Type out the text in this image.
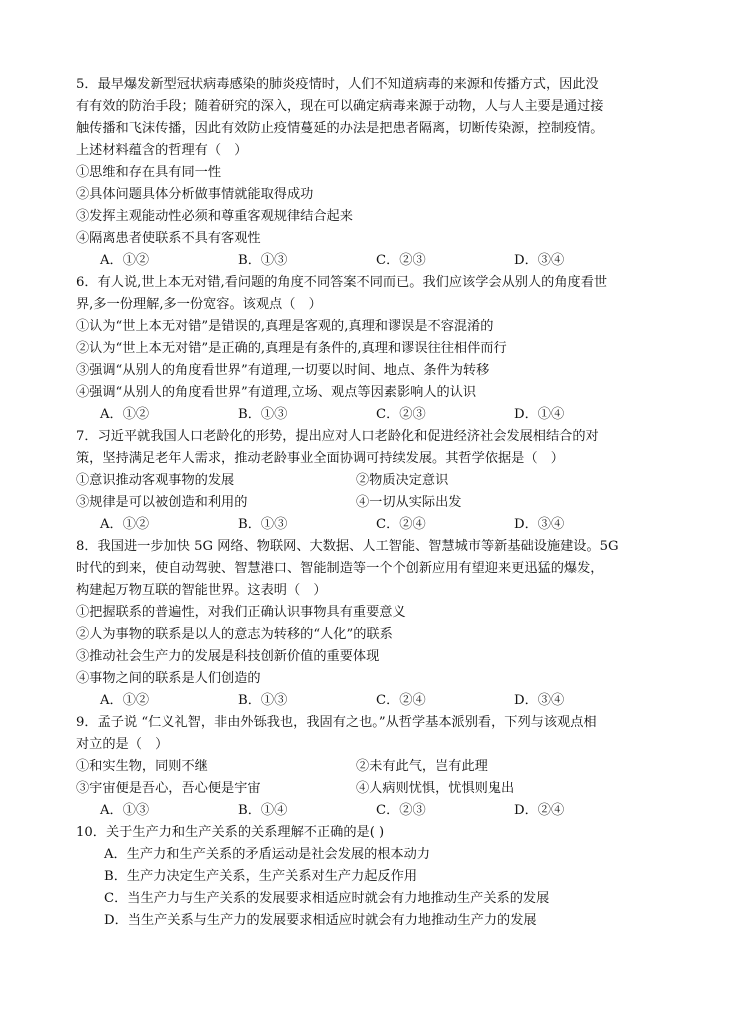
5．最早爆发新型冠状病毒感染的肺炎疫情时，人们不知道病毒的来源和传播方式，因此没
有有效的防治手段；随着研究的深入，现在可以确定病毒来源于动物，人与人主要是通过接
触传播和飞沫传播，因此有效防止疫情蔓延的办法是把患者隔离，切断传染源，控制疫情。
上述材料蕴含的哲理有（　）
①思维和存在具有同一性
②具体问题具体分析做事情就能取得成功
③发挥主观能动性必须和尊重客观规律结合起来
④隔离患者使联系不具有客观性
A．①②	B．①③	C．②③	D．③④
6．有人说,世上本无对错,看问题的角度不同答案不同而已。我们应该学会从别人的角度看世
界,多一份理解,多一份宽容。该观点（　）
①认为“世上本无对错”是错误的,真理是客观的,真理和谬误是不容混淆的
②认为“世上本无对错”是正确的,真理是有条件的,真理和谬误往往相伴而行
③强调“从别人的角度看世界”有道理,一切要以时间、地点、条件为转移
④强调“从别人的角度看世界”有道理,立场、观点等因素影响人的认识
A．①②	B．①③	C．②③	D．①④
7．习近平就我国人口老龄化的形势，提出应对人口老龄化和促进经济社会发展相结合的对
策，坚持满足老年人需求，推动老龄事业全面协调可持续发展。其哲学依据是（　）
①意识推动客观事物的发展	②物质决定意识
③规律是可以被创造和利用的	④一切从实际出发
A．①②	B．①③	C．②④	D．③④
8．我国进一步加快 5G 网络、物联网、大数据、人工智能、智慧城市等新基础设施建设。5G
时代的到来，使自动驾驶、智慧港口、智能制造等一个个创新应用有望迎来更迅猛的爆发，
构建起万物互联的智能世界。这表明（　）
①把握联系的普遍性，对我们正确认识事物具有重要意义
②人为事物的联系是以人的意志为转移的“人化”的联系
③推动社会生产力的发展是科技创新价值的重要体现
④事物之间的联系是人们创造的
A．①②	B．①③	C．②④	D．③④
9．孟子说 “仁义礼智，非由外铄我也，我固有之也。”从哲学基本派别看，下列与该观点相
对立的是（　）
①和实生物，同则不继	②未有此气，岂有此理
③宇宙便是吾心，吾心便是宇宙	④人病则忧惧，忧惧则鬼出
A．①③	B．①④	C．②③	D．②④
10．关于生产力和生产关系的关系理解不正确的是( )
A．生产力和生产关系的矛盾运动是社会发展的根本动力
B．生产力决定生产关系，生产关系对生产力起反作用
C．当生产力与生产关系的发展要求相适应时就会有力地推动生产关系的发展
D．当生产关系与生产力的发展要求相适应时就会有力地推动生产力的发展
